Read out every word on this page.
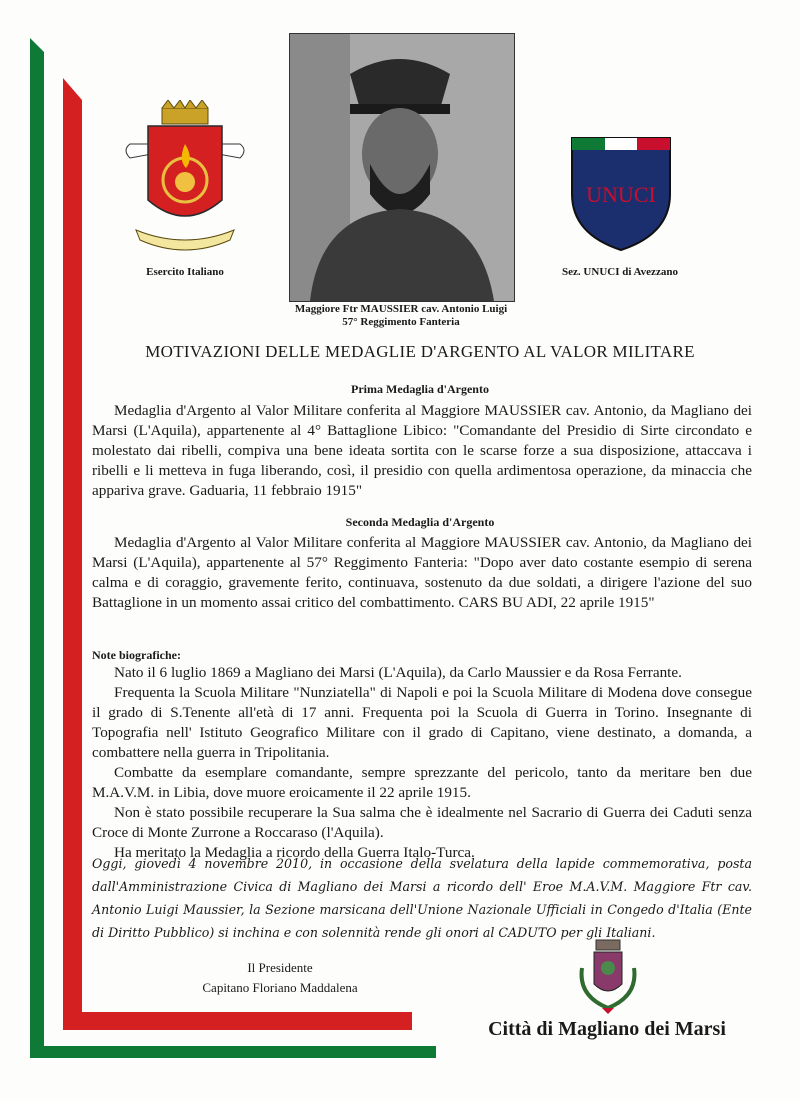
Esercito Italiano
Maggiore Ftr MAUSSIER cav. Antonio Luigi
57° Reggimento Fanteria
UNUCI
Sez. UNUCI di Avezzano
MOTIVAZIONI DELLE MEDAGLIE D'ARGENTO AL VALOR MILITARE
Prima Medaglia d'Argento

Medaglia d'Argento al Valor Militare conferita al Maggiore MAUSSIER cav. Antonio, da Magliano dei Marsi (L'Aquila), appartenente al 4° Battaglione Libico: "Comandante del Presidio di Sirte circondato e molestato dai ribelli, compiva una bene ideata sortita con le scarse forze a sua disposizione, attaccava i ribelli e li metteva in fuga liberando, così, il presidio con quella ardimentosa operazione, da minaccia che appariva grave. Gaduaria, 11 febbraio 1915"

Seconda Medaglia d'Argento

Medaglia d'Argento al Valor Militare conferita al Maggiore MAUSSIER cav. Antonio, da Magliano dei Marsi (L'Aquila), appartenente al 57° Reggimento Fanteria: "Dopo aver dato costante esempio di serena calma e di coraggio, gravemente ferito, continuava, sostenuto da due soldati, a dirigere l'azione del suo Battaglione in un momento assai critico del combattimento. CARS BU ADI, 22 aprile 1915"

Note biografiche:

Nato il 6 luglio 1869 a Magliano dei Marsi (L'Aquila), da Carlo Maussier e da Rosa Ferrante.

Frequenta la Scuola Militare "Nunziatella" di Napoli e poi la Scuola Militare di Modena dove consegue il grado di S.Tenente all'età di 17 anni. Frequenta poi la Scuola di Guerra in Torino. Insegnante di Topografia nell' Istituto Geografico Militare con il grado di Capitano, viene destinato, a domanda, a combattere nella guerra in Tripolitania.

Combatte da esemplare comandante, sempre sprezzante del pericolo, tanto da meritare ben due M.A.V.M. in Libia, dove muore eroicamente il 22 aprile 1915.

Non è stato possibile recuperare la Sua salma che è idealmente nel Sacrario di Guerra dei Caduti senza Croce di Monte Zurrone a Roccaraso (l'Aquila).

Ha meritato la Medaglia a ricordo della Guerra Italo-Turca.

Oggi, giovedì 4 novembre 2010, in occasione della svelatura della lapide commemorativa, posta dall'Amministrazione Civica di Magliano dei Marsi a ricordo dell' Eroe M.A.V.M. Maggiore Ftr cav. Antonio Luigi Maussier, la Sezione marsicana dell'Unione Nazionale Ufficiali in Congedo d'Italia (Ente di Diritto Pubblico) si inchina e con solennità rende gli onori al CADUTO per gli Italiani.
Il Presidente
Capitano Floriano Maddalena
Città di Magliano dei Marsi
